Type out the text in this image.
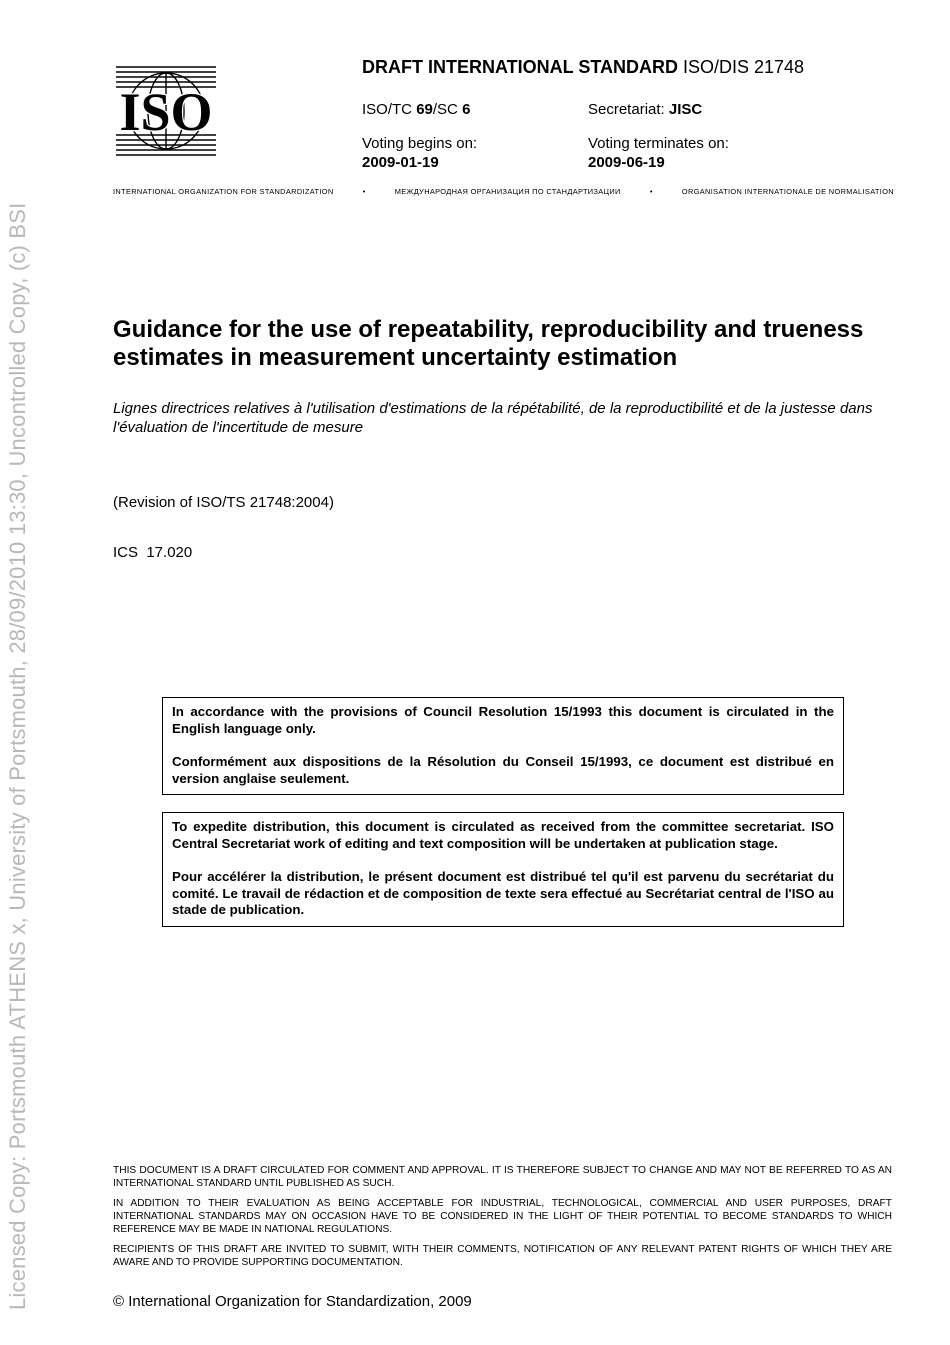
Licensed Copy: Portsmouth ATHENS x, University of Portsmouth, 28/09/2010 13:30, Uncontrolled Copy, (c) BSI
ISO
DRAFT INTERNATIONAL STANDARD ISO/DIS 21748
ISO/TC 69/SC 6	Secretariat: JISC
Voting begins on:
2009-01-19
Voting terminates on:
2009-06-19
INTERNATIONAL ORGANIZATION FOR STANDARDIZATION	•	МЕЖДУНАРОДНАЯ ОРГАНИЗАЦИЯ ПО СТАНДАРТИЗАЦИИ	•	ORGANISATION INTERNATIONALE DE NORMALISATION
Guidance for the use of repeatability, reproducibility and trueness estimates in measurement uncertainty estimation
Lignes directrices relatives à l'utilisation d'estimations de la répétabilité, de la reproductibilité et de la justesse dans l'évaluation de l'incertitude de mesure
(Revision of ISO/TS 21748:2004)
ICS  17.020

In accordance with the provisions of Council Resolution 15/1993 this document is circulated in the English language only.

Conformément aux dispositions de la Résolution du Conseil 15/1993, ce document est distribué en version anglaise seulement.

To expedite distribution, this document is circulated as received from the committee secretariat. ISO Central Secretariat work of editing and text composition will be undertaken at publication stage.

Pour accélérer la distribution, le présent document est distribué tel qu'il est parvenu du secrétariat du comité. Le travail de rédaction et de composition de texte sera effectué au Secrétariat central de l'ISO au stade de publication.

THIS DOCUMENT IS A DRAFT CIRCULATED FOR COMMENT AND APPROVAL. IT IS THEREFORE SUBJECT TO CHANGE AND MAY NOT BE REFERRED TO AS AN INTERNATIONAL STANDARD UNTIL PUBLISHED AS SUCH.

IN ADDITION TO THEIR EVALUATION AS BEING ACCEPTABLE FOR INDUSTRIAL, TECHNOLOGICAL, COMMERCIAL AND USER PURPOSES, DRAFT INTERNATIONAL STANDARDS MAY ON OCCASION HAVE TO BE CONSIDERED IN THE LIGHT OF THEIR POTENTIAL TO BECOME STANDARDS TO WHICH REFERENCE MAY BE MADE IN NATIONAL REGULATIONS.

RECIPIENTS OF THIS DRAFT ARE INVITED TO SUBMIT, WITH THEIR COMMENTS, NOTIFICATION OF ANY RELEVANT PATENT RIGHTS OF WHICH THEY ARE AWARE AND TO PROVIDE SUPPORTING DOCUMENTATION.

© International Organization for Standardization, 2009
